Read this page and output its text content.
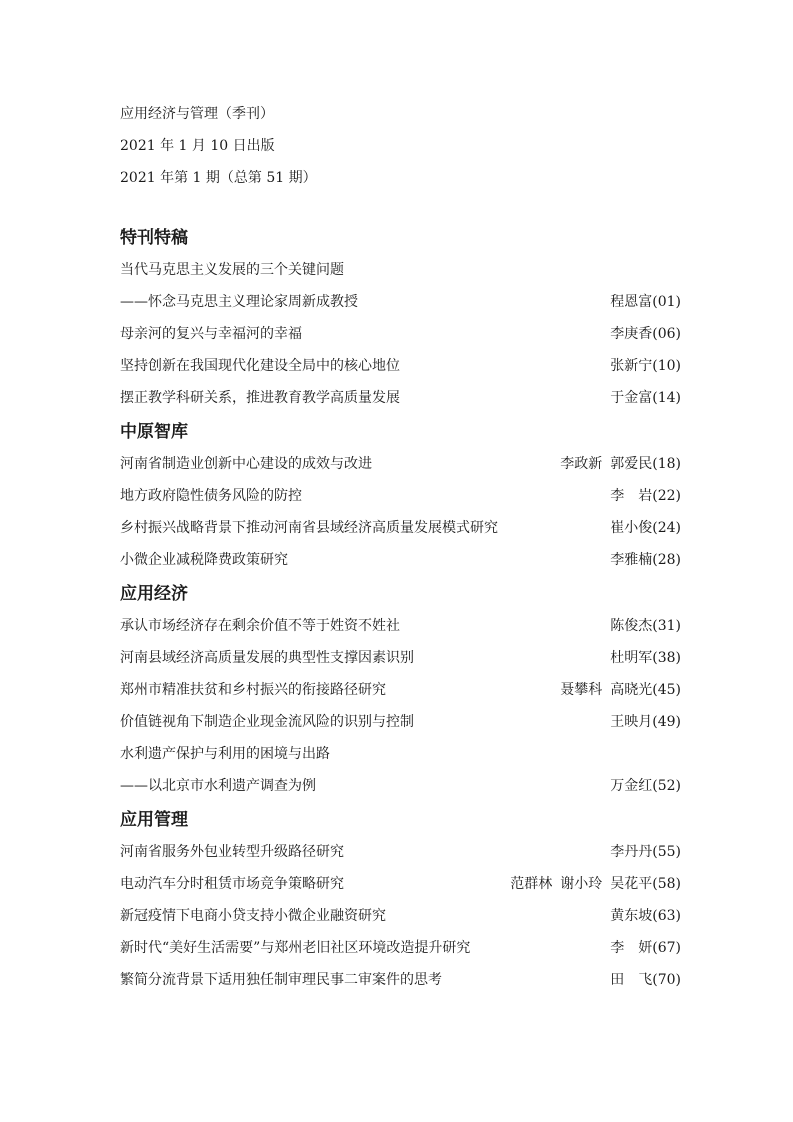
应用经济与管理（季刊）
2021 年 1 月 10 日出版
2021 年第 1 期（总第 51 期）
特刊特稿
当代马克思主义发展的三个关键问题
——怀念马克思主义理论家周新成教授	程恩富 (01)
母亲河的复兴与幸福河的幸福	李庚香 (06)
坚持创新在我国现代化建设全局中的核心地位	张新宁 (10)
摆正教学科研关系，推进教育教学高质量发展	于金富 (14)
中原智库
河南省制造业创新中心建设的成效与改进	李政新 郭爱民 (18)
地方政府隐性债务风险的防控	李　岩 (22)
乡村振兴战略背景下推动河南省县域经济高质量发展模式研究	崔小俊 (24)
小微企业减税降费政策研究	李雅楠 (28)
应用经济
承认市场经济存在剩余价值不等于姓资不姓社	陈俊杰 (31)
河南县域经济高质量发展的典型性支撑因素识别	杜明军 (38)
郑州市精准扶贫和乡村振兴的衔接路径研究	聂攀科 高晓光 (45)
价值链视角下制造企业现金流风险的识别与控制	王映月 (49)
水利遗产保护与利用的困境与出路
——以北京市水利遗产调查为例	万金红 (52)
应用管理
河南省服务外包业转型升级路径研究	李丹丹 (55)
电动汽车分时租赁市场竞争策略研究	范群林 谢小玲 吴花平 (58)
新冠疫情下电商小贷支持小微企业融资研究	黄东坡 (63)
新时代“美好生活需要”与郑州老旧社区环境改造提升研究	李　妍 (67)
繁简分流背景下适用独任制审理民事二审案件的思考	田　飞 (70)
